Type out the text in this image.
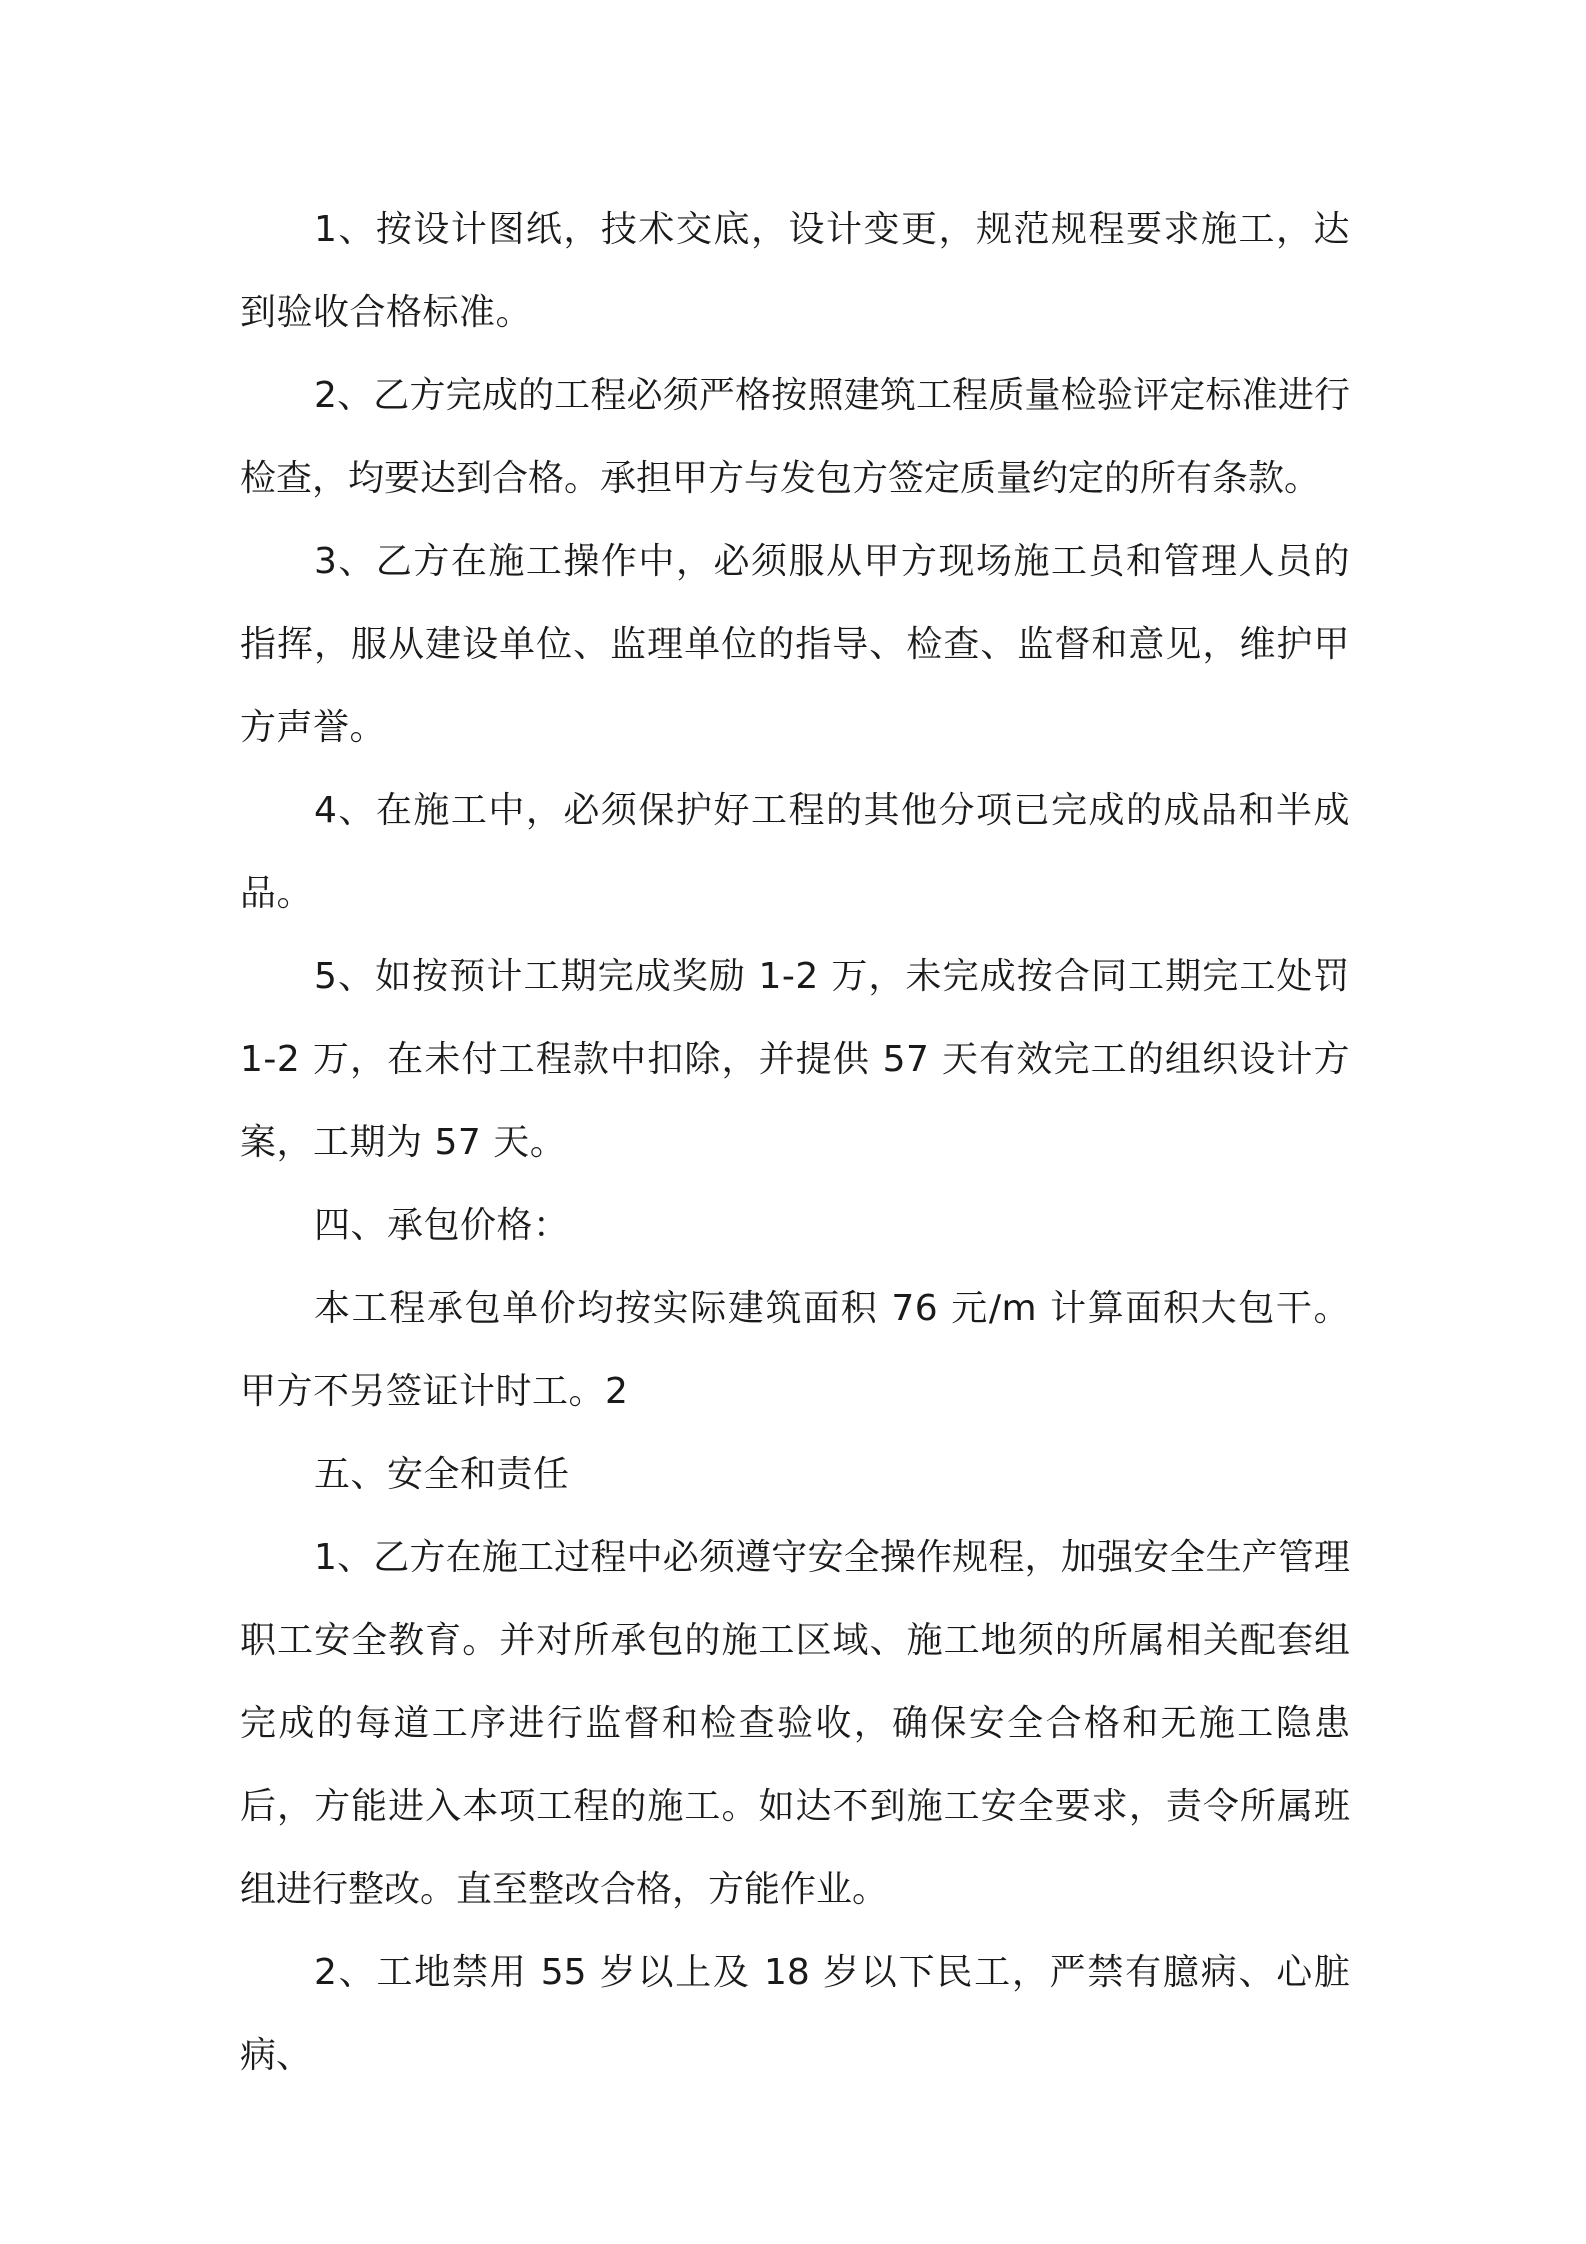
1、按设计图纸，技术交底，设计变更，规范规程要求施工，达到验收合格标准。

2、乙方完成的工程必须严格按照建筑工程质量检验评定标准进行检查，均要达到合格。承担甲方与发包方签定质量约定的所有条款。

3、乙方在施工操作中，必须服从甲方现场施工员和管理人员的指挥，服从建设单位、监理单位的指导、检查、监督和意见，维护甲方声誉。

4、在施工中，必须保护好工程的其他分项已完成的成品和半成品。

5、如按预计工期完成奖励 1-2 万，未完成按合同工期完工处罚 1-2 万，在未付工程款中扣除，并提供 57 天有效完工的组织设计方案，工期为 57 天。

四、承包价格：

本工程承包单价均按实际建筑面积 76 元/m 计算面积大包干。甲方不另签证计时工。2

五、安全和责任

1、乙方在施工过程中必须遵守安全操作规程，加强安全生产管理职工安全教育。并对所承包的施工区域、施工地须的所属相关配套组完成的每道工序进行监督和检查验收，确保安全合格和无施工隐患后，方能进入本项工程的施工。如达不到施工安全要求，责令所属班组进行整改。直至整改合格，方能作业。

2、工地禁用 55 岁以上及 18 岁以下民工，严禁有臆病、心脏病、
